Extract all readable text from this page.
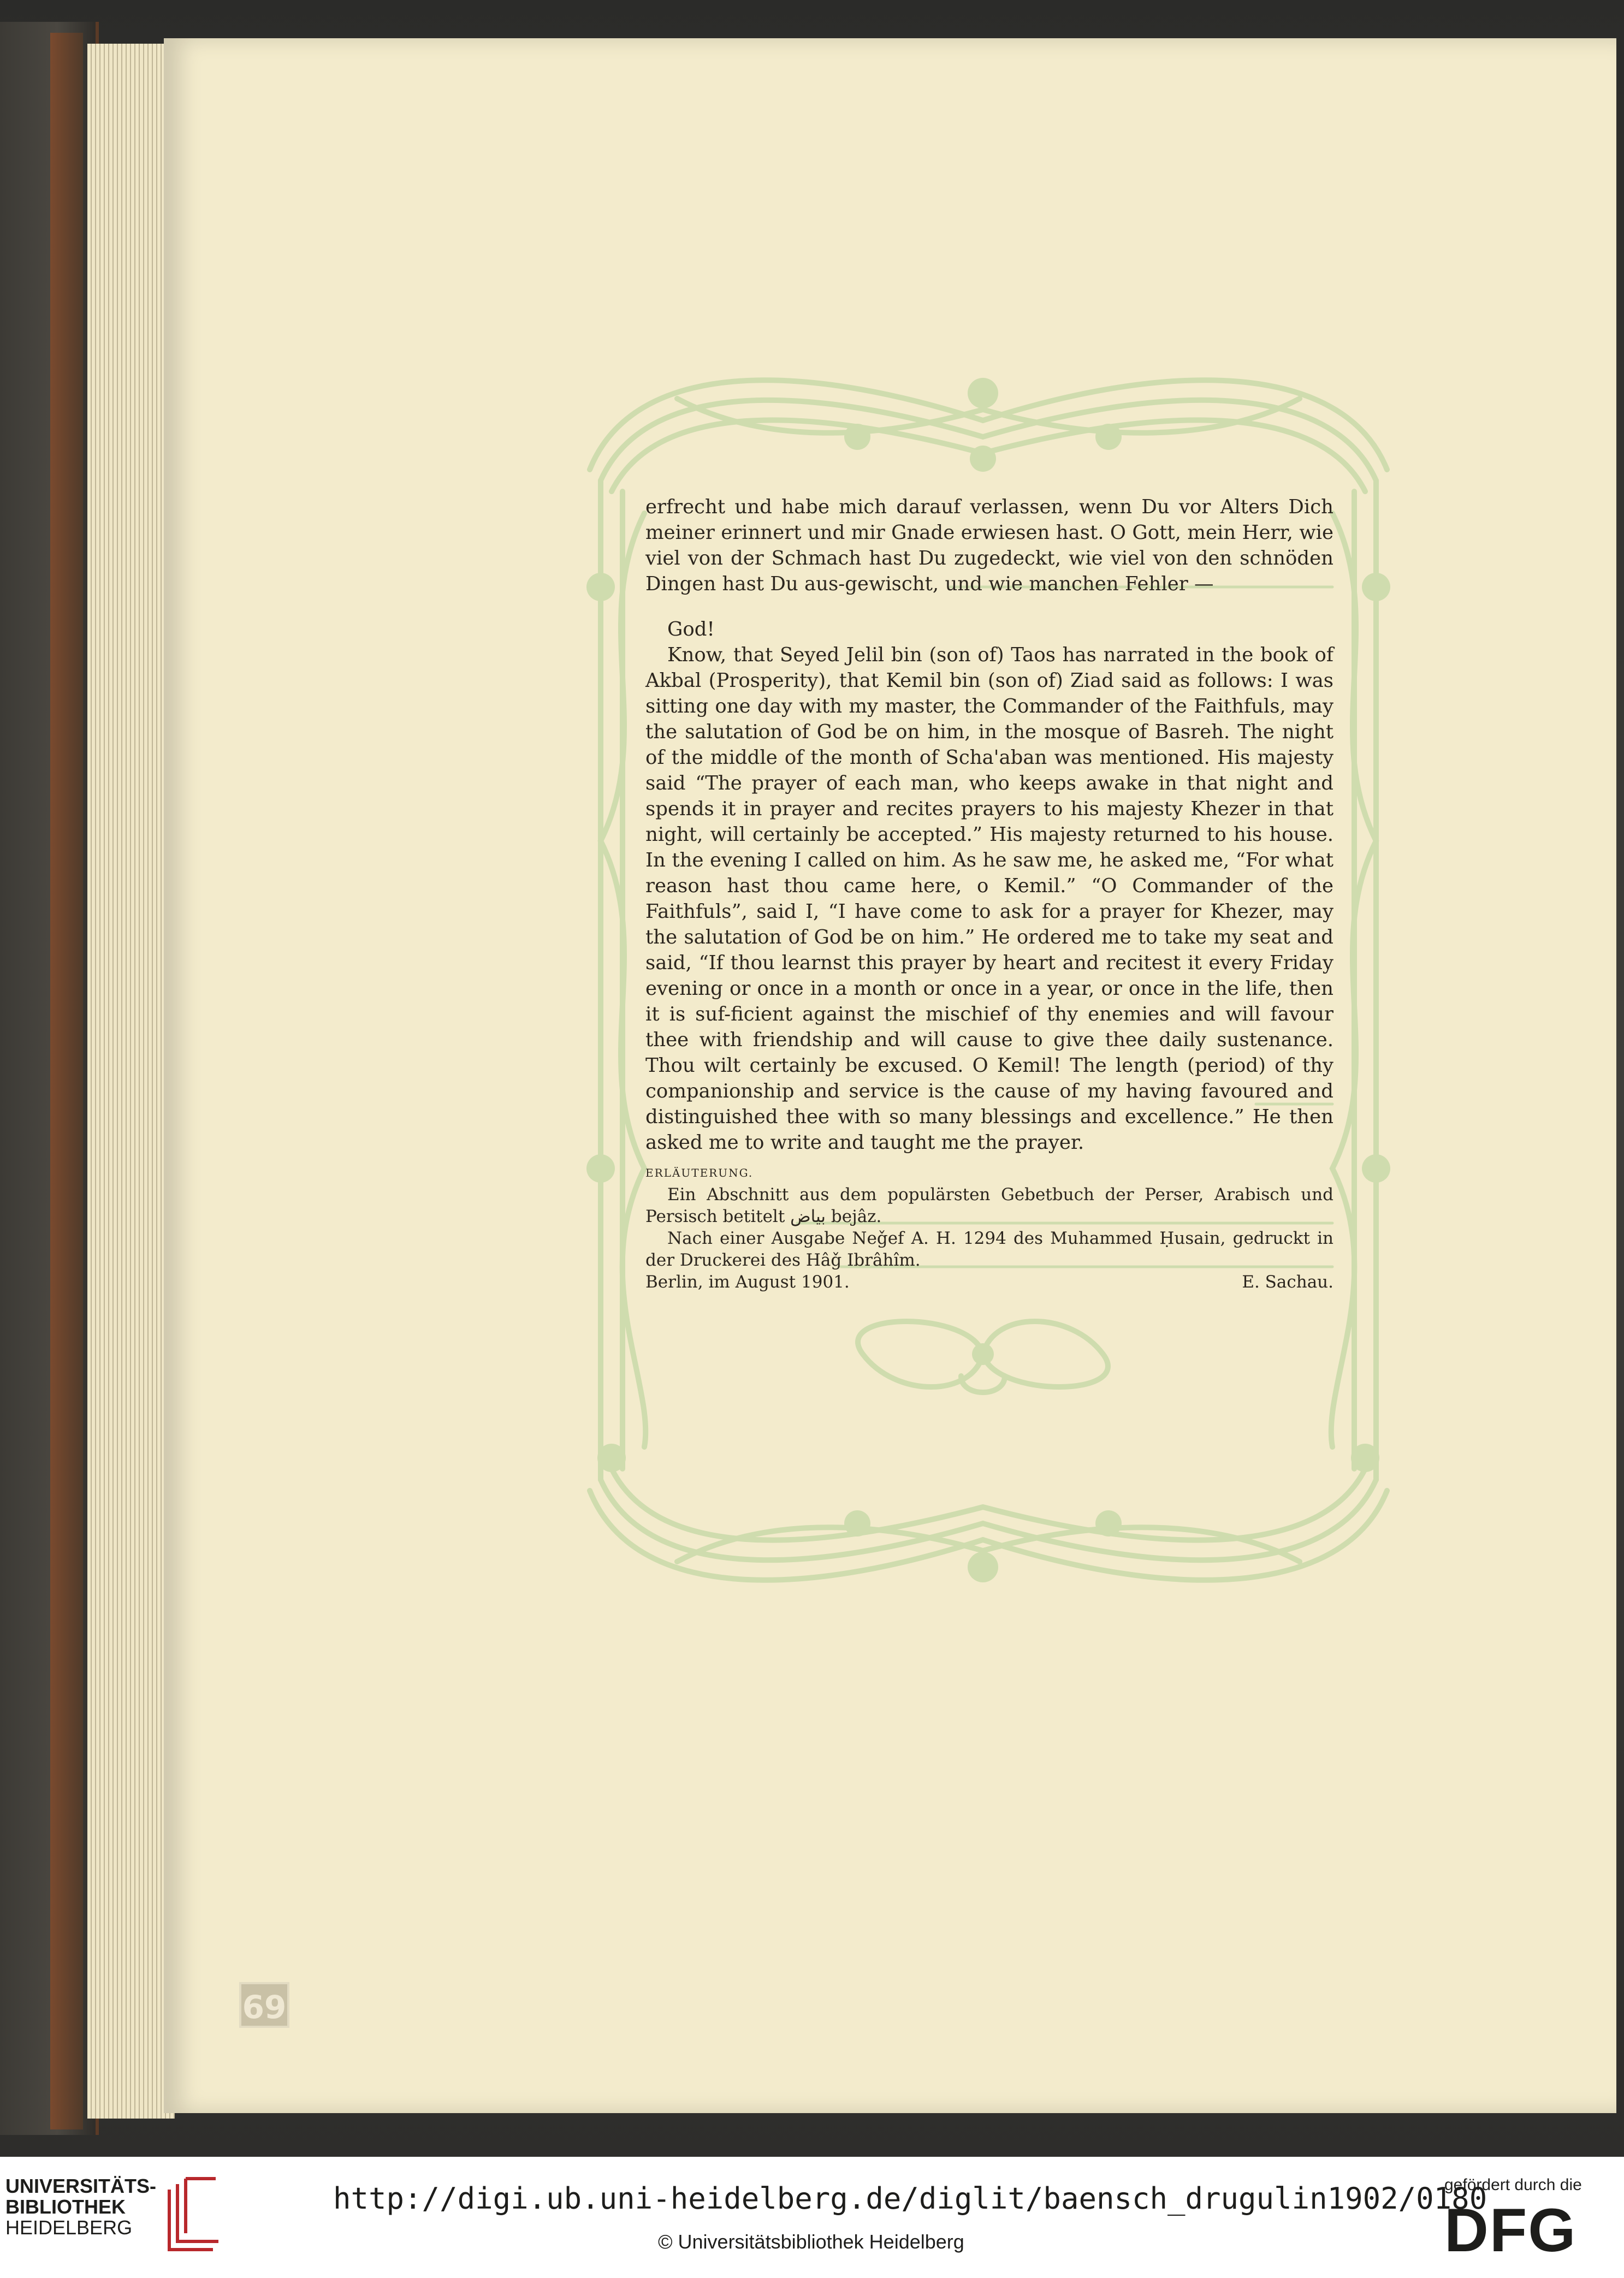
erfrecht und habe mich darauf verlassen, wenn Du vor Alters Dich meiner erinnert und mir Gnade erwiesen hast. O Gott, mein Herr, wie viel von der Schmach hast Du zugedeckt, wie viel von den schnöden Dingen hast Du aus-gewischt, und wie manchen Fehler —

God!

Know, that Seyed Jelil bin (son of) Taos has narrated in the book of Akbal (Prosperity), that Kemil bin (son of) Ziad said as follows: I was sitting one day with my master, the Commander of the Faithfuls, may the salutation of God be on him, in the mosque of Basreh. The night of the middle of the month of Scha'aban was mentioned. His majesty said “The prayer of each man, who keeps awake in that night and spends it in prayer and recites prayers to his majesty Khezer in that night, will certainly be accepted.” His majesty returned to his house. In the evening I called on him. As he saw me, he asked me, “For what reason hast thou came here, o Kemil.” “O Commander of the Faithfuls”, said I, “I have come to ask for a prayer for Khezer, may the salutation of God be on him.” He ordered me to take my seat and said, “If thou learnst this prayer by heart and recitest it every Friday evening or once in a month or once in a year, or once in the life, then it is suf-ficient against the mischief of thy enemies and will favour thee with friendship and will cause to give thee daily sustenance. Thou wilt certainly be excused. O Kemil! The length (period) of thy companionship and service is the cause of my having favoured and distinguished thee with so many blessings and excellence.” He then asked me to write and taught me the prayer.

ERLÄUTERUNG.

Ein Abschnitt aus dem populärsten Gebetbuch der Perser, Arabisch und Persisch betitelt بیاض bejâz.

Nach einer Ausgabe Neǧef A. H. 1294 des Muhammed Ḥusain, gedruckt in der Druckerei des Hâǧ Ibrâhîm.

Berlin, im August 1901.	E. Sachau.
69
UNIVERSITÄTS-
BIBLIOTHEK
HEIDELBERG
http://digi.ub.uni-heidelberg.de/diglit/baensch_drugulin1902/0180
© Universitätsbibliothek Heidelberg
gefördert durch die
DFG
